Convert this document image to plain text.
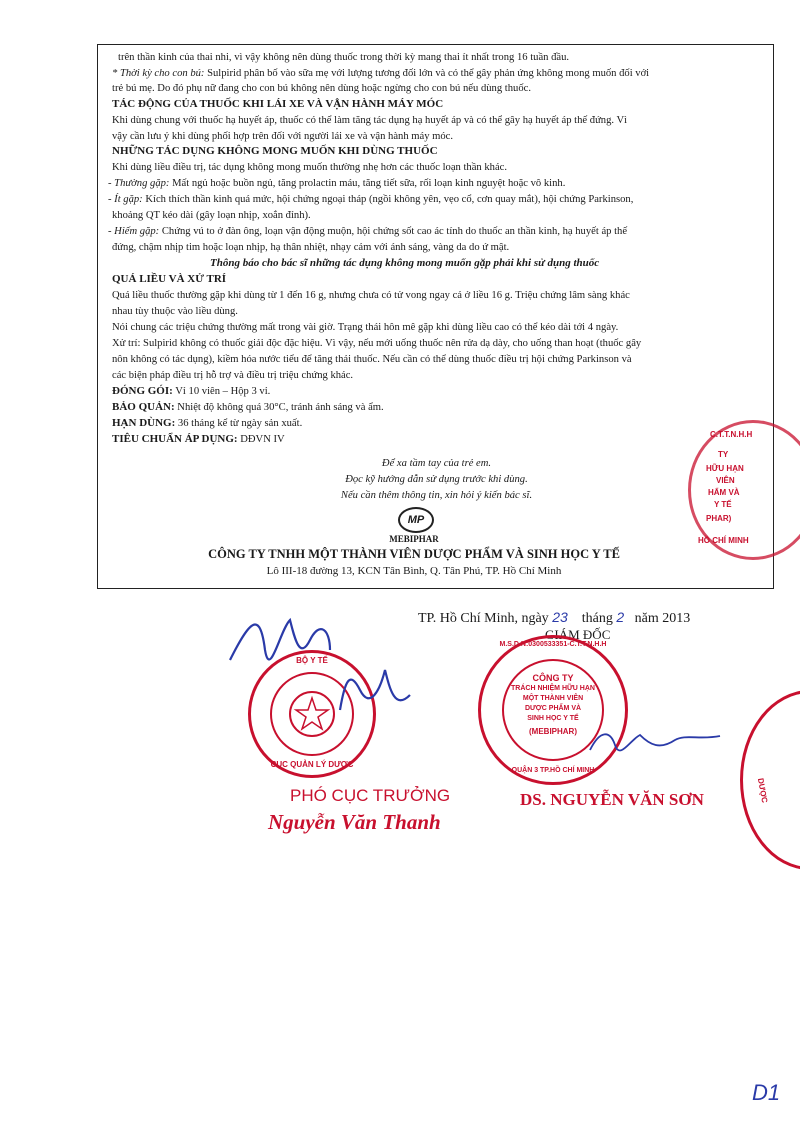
trên thần kinh của thai nhi, vì vậy không nên dùng thuốc trong thời kỳ mang thai ít nhất trong 16 tuần đầu.
* Thời kỳ cho con bú: Sulpirid phân bố vào sữa mẹ với lượng tương đối lớn và có thể gây phản ứng không mong muốn đối với
trẻ bú mẹ. Do đó phụ nữ đang cho con bú không nên dùng hoặc ngừng cho con bú nếu dùng thuốc.
TÁC ĐỘNG CỦA THUỐC KHI LÁI XE VÀ VẬN HÀNH MÁY MÓC
Khi dùng chung với thuốc hạ huyết áp, thuốc có thể làm tăng tác dụng hạ huyết áp và có thể gây hạ huyết áp thế đứng. Vì
vậy cần lưu ý khi dùng phối hợp trên đối với người lái xe và vận hành máy móc.
NHỮNG TÁC DỤNG KHÔNG MONG MUỐN KHI DÙNG THUỐC
Khi dùng liều điều trị, tác dụng không mong muốn thường nhẹ hơn các thuốc loạn thần khác.
- Thường gặp: Mất ngủ hoặc buồn ngủ, tăng prolactin máu, tăng tiết sữa, rối loạn kinh nguyệt hoặc vô kinh.
- Ít gặp: Kích thích thần kinh quá mức, hội chứng ngoại tháp (ngồi không yên, vẹo cổ, cơn quay mắt), hội chứng Parkinson,
khoảng QT kéo dài (gây loạn nhịp, xoắn đỉnh).
- Hiếm gặp: Chứng vú to ở đàn ông, loạn vận động muộn, hội chứng sốt cao ác tính do thuốc an thần kinh, hạ huyết áp thế
đứng, chậm nhịp tim hoặc loạn nhịp, hạ thân nhiệt, nhạy cảm với ánh sáng, vàng da do ứ mật.
Thông báo cho bác sĩ những tác dụng không mong muốn gặp phải khi sử dụng thuốc
QUÁ LIỀU VÀ XỬ TRÍ
Quá liều thuốc thường gặp khi dùng từ 1 đến 16 g, nhưng chưa có tử vong ngay cả ở liều 16 g. Triệu chứng lâm sàng khác
nhau tùy thuộc vào liều dùng.
Nói chung các triệu chứng thường mất trong vài giờ. Trạng thái hôn mê gặp khi dùng liều cao có thể kéo dài tới 4 ngày.
Xử trí: Sulpirid không có thuốc giải độc đặc hiệu. Vì vậy, nếu mới uống thuốc nên rửa dạ dày, cho uống than hoạt (thuốc gây
nôn không có tác dụng), kiềm hóa nước tiểu để tăng thải thuốc. Nếu cần có thể dùng thuốc điều trị hội chứng Parkinson và
các biện pháp điều trị hỗ trợ và điều trị triệu chứng khác.
ĐÓNG GÓI: Vỉ 10 viên – Hộp 3 vỉ.
BẢO QUẢN: Nhiệt độ không quá 30°C, tránh ánh sáng và ẩm.
HẠN DÙNG: 36 tháng kể từ ngày sản xuất.
TIÊU CHUẨN ÁP DỤNG: DĐVN IV
Để xa tầm tay của trẻ em.
Đọc kỹ hướng dẫn sử dụng trước khi dùng.
Nếu cần thêm thông tin, xin hỏi ý kiến bác sĩ.
MP
MEBIPHAR
CÔNG TY TNHH MỘT THÀNH VIÊN DƯỢC PHẨM VÀ SINH HỌC Y TẾ
Lô III-18 đường 13, KCN Tân Bình, Q. Tân Phú, TP. Hồ Chí Minh
TP. Hồ Chí Minh, ngày 23 tháng 2 năm 2013
GIÁM ĐỐC
C.T.T.N.H.H
TY
HỮU HẠN
VIÊN
HẨM VÀ
Y TẾ
PHAR)
HỒ CHÍ MINH
BỘ Y TẾ
CỤC QUẢN LÝ DƯỢC
M.S.D.N:0300533351-C.T.T.N.H.H
CÔNG TY
TRÁCH NHIỆM HỮU HẠN
MỘT THÀNH VIÊN
DƯỢC PHẨM VÀ
SINH HỌC Y TẾ
(MEBIPHAR)
QUẬN 3 TP.HỒ CHÍ MINH
DƯỢC
PHÓ CỤC TRƯỞNG
Nguyễn Văn Thanh
DS. NGUYỄN VĂN SƠN
D1
